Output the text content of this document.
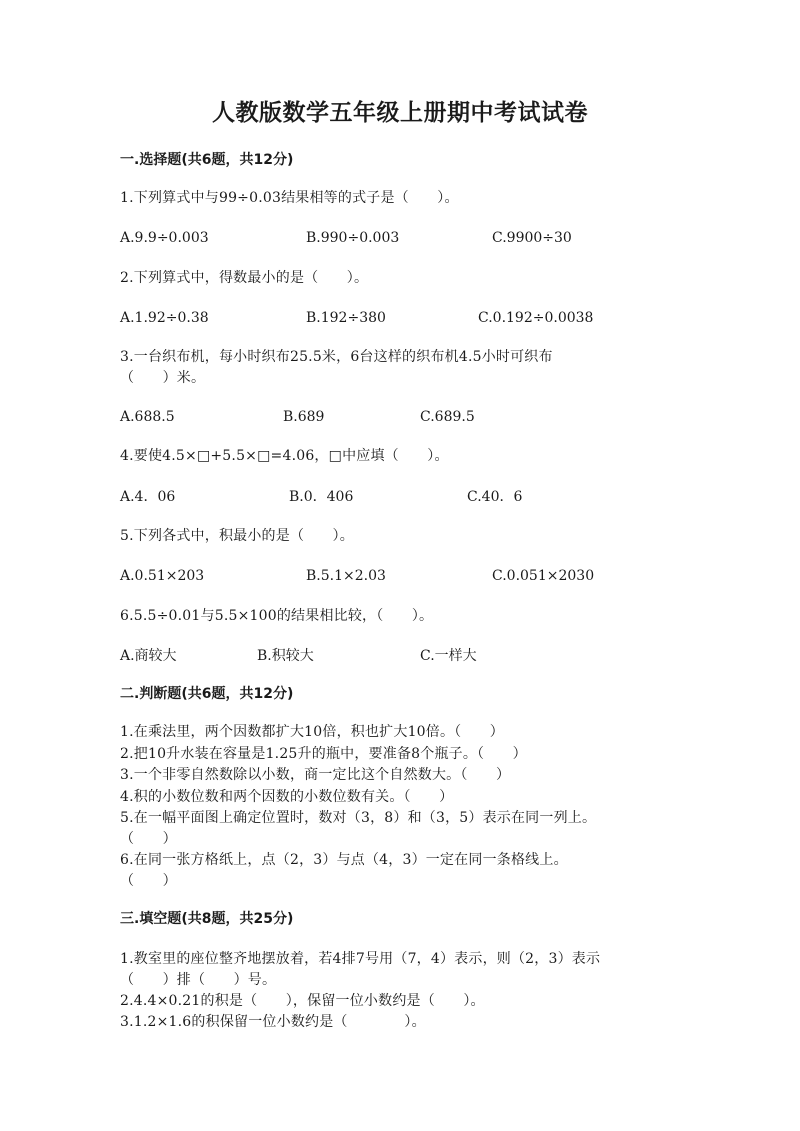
人教版数学五年级上册期中考试试卷
一.选择题(共6题，共12分)
1.下列算式中与99÷0.03结果相等的式子是（　　）。
A.9.9÷0.003	B.990÷0.003	C.9900÷30
2.下列算式中，得数最小的是（　　）。
A.1.92÷0.38	B.192÷380	C.0.192÷0.0038
3.一台织布机，每小时织布25.5米，6台这样的织布机4.5小时可织布
（　　）米。
A.688.5	B.689	C.689.5
4.要使4.5×□+5.5×□=4.06，□中应填（　　）。
A.4．06	B.0．406	C.40．6
5.下列各式中，积最小的是（　　）。
A.0.51×203	B.5.1×2.03	C.0.051×2030
6.5.5÷0.01与5.5×100的结果相比较，（　　）。
A.商较大	B.积较大	C.一样大
二.判断题(共6题，共12分)
1.在乘法里，两个因数都扩大10倍，积也扩大10倍。（　　）
2.把10升水装在容量是1.25升的瓶中，要准备8个瓶子。（　　）
3.一个非零自然数除以小数，商一定比这个自然数大。（　　）
4.积的小数位数和两个因数的小数位数有关。（　　）
5.在一幅平面图上确定位置时，数对（3，8）和（3，5）表示在同一列上。
（　　）
6.在同一张方格纸上，点（2，3）与点（4，3）一定在同一条格线上。
（　　）
三.填空题(共8题，共25分)
1.教室里的座位整齐地摆放着，若4排7号用（7，4）表示，则（2，3）表示
（　　）排（　　）号。
2.4.4×0.21的积是（　　），保留一位小数约是（　　）。
3.1.2×1.6的积保留一位小数约是（　　　　）。
